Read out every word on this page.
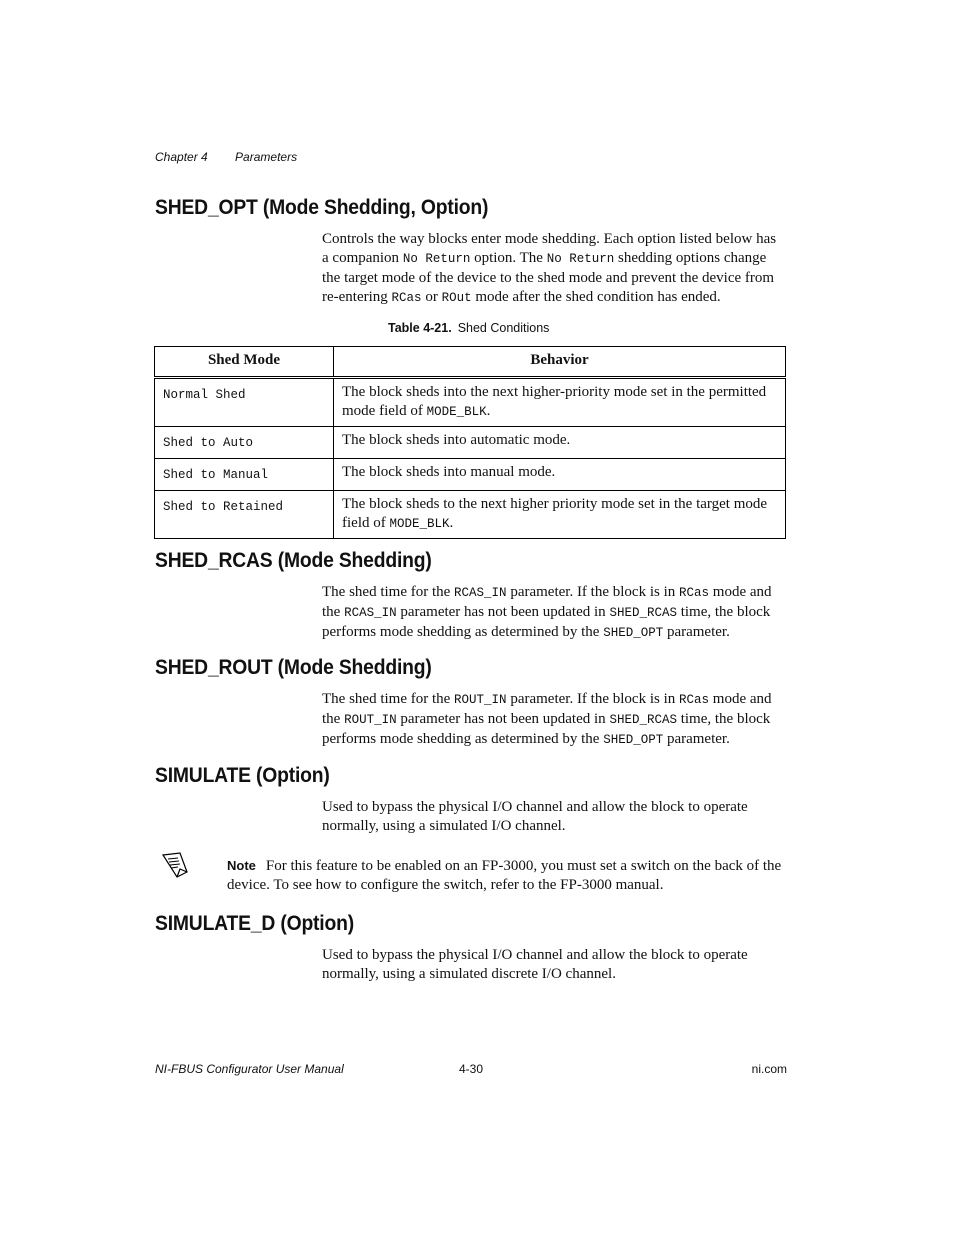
Chapter 4 Parameters
SHED_OPT (Mode Shedding, Option)

Controls the way blocks enter mode shedding. Each option listed below has a companion No Return option. The No Return shedding options change the target mode of the device to the shed mode and prevent the device from re-entering RCas or ROut mode after the shed condition has ended.

Table 4-21. Shed Conditions
Shed Mode	Behavior
Normal Shed	The block sheds into the next higher-priority mode set in the permitted mode field of MODE_BLK.
Shed to Auto	The block sheds into automatic mode.
Shed to Manual	The block sheds into manual mode.
Shed to Retained	The block sheds to the next higher priority mode set in the target mode field of MODE_BLK.
SHED_RCAS (Mode Shedding)

The shed time for the RCAS_IN parameter. If the block is in RCas mode and the RCAS_IN parameter has not been updated in SHED_RCAS time, the block performs mode shedding as determined by the SHED_OPT parameter.

SHED_ROUT (Mode Shedding)

The shed time for the ROUT_IN parameter. If the block is in RCas mode and the ROUT_IN parameter has not been updated in SHED_RCAS time, the block performs mode shedding as determined by the SHED_OPT parameter.

SIMULATE (Option)

Used to bypass the physical I/O channel and allow the block to operate normally, using a simulated I/O channel.

Note For this feature to be enabled on an FP-3000, you must set a switch on the back of the device. To see how to configure the switch, refer to the FP-3000 manual.

SIMULATE_D (Option)

Used to bypass the physical I/O channel and allow the block to operate normally, using a simulated discrete I/O channel.

NI-FBUS Configurator User Manual	4-30	ni.com
